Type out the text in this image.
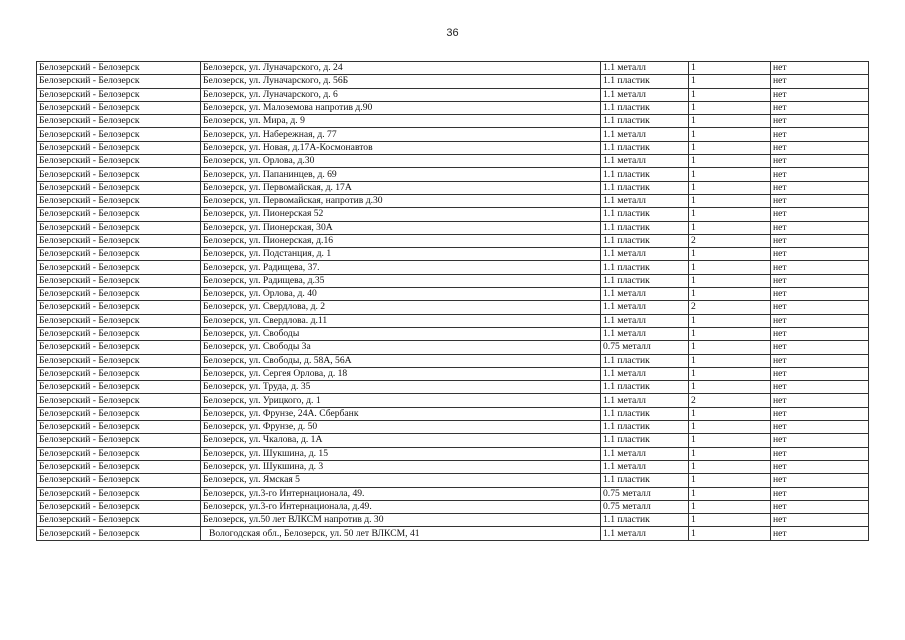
36
Белозерский - Белозерск	Белозерск, ул. Луначарского, д. 24	1.1 металл	1	нет
Белозерский - Белозерск	Белозерск, ул. Луначарского, д. 56Б	1.1 пластик	1	нет
Белозерский - Белозерск	Белозерск, ул. Луначарского, д. 6	1.1 металл	1	нет
Белозерский - Белозерск	Белозерск, ул. Малоземова напротив д.90	1.1 пластик	1	нет
Белозерский - Белозерск	Белозерск, ул. Мира, д. 9	1.1 пластик	1	нет
Белозерский - Белозерск	Белозерск, ул. Набережная, д. 77	1.1 металл	1	нет
Белозерский - Белозерск	Белозерск, ул. Новая, д.17А-Космонавтов	1.1 пластик	1	нет
Белозерский - Белозерск	Белозерск, ул. Орлова, д.30	1.1 металл	1	нет
Белозерский - Белозерск	Белозерск, ул. Папанинцев, д. 69	1.1 пластик	1	нет
Белозерский - Белозерск	Белозерск, ул. Первомайская, д. 17А	1.1 пластик	1	нет
Белозерский - Белозерск	Белозерск, ул. Первомайская, напротив д.30	1.1 металл	1	нет
Белозерский - Белозерск	Белозерск, ул. Пионерская 52	1.1 пластик	1	нет
Белозерский - Белозерск	Белозерск, ул. Пионерская, 30А	1.1 пластик	1	нет
Белозерский - Белозерск	Белозерск, ул. Пионерская, д.16	1.1 пластик	2	нет
Белозерский - Белозерск	Белозерск, ул. Подстанция, д. 1	1.1 металл	1	нет
Белозерский - Белозерск	Белозерск, ул. Радищева, 37.	1.1 пластик	1	нет
Белозерский - Белозерск	Белозерск, ул. Радищева, д.35	1.1 пластик	1	нет
Белозерский - Белозерск	Белозерск, ул. Орлова, д. 40	1.1 металл	1	нет
Белозерский - Белозерск	Белозерск, ул. Свердлова, д. 2	1.1 металл	2	нет
Белозерский - Белозерск	Белозерск, ул. Свердлова. д.11	1.1 металл	1	нет
Белозерский - Белозерск	Белозерск, ул. Свободы	1.1 металл	1	нет
Белозерский - Белозерск	Белозерск, ул. Свободы 3а	0.75 металл	1	нет
Белозерский - Белозерск	Белозерск, ул. Свободы, д. 58А, 56А	1.1 пластик	1	нет
Белозерский - Белозерск	Белозерск, ул. Сергея Орлова, д. 18	1.1 металл	1	нет
Белозерский - Белозерск	Белозерск, ул. Труда, д. 35	1.1 пластик	1	нет
Белозерский - Белозерск	Белозерск, ул. Урицкого, д. 1	1.1 металл	2	нет
Белозерский - Белозерск	Белозерск, ул. Фрунзе, 24А. Сбербанк	1.1 пластик	1	нет
Белозерский - Белозерск	Белозерск, ул. Фрунзе, д. 50	1.1 пластик	1	нет
Белозерский - Белозерск	Белозерск, ул. Чкалова, д. 1А	1.1 пластик	1	нет
Белозерский - Белозерск	Белозерск, ул. Шукшина, д. 15	1.1 металл	1	нет
Белозерский - Белозерск	Белозерск, ул. Шукшина, д. 3	1.1 металл	1	нет
Белозерский - Белозерск	Белозерск, ул. Ямская 5	1.1 пластик	1	нет
Белозерский - Белозерск	Белозерск, ул.3-го Интернационала, 49.	0.75 металл	1	нет
Белозерский - Белозерск	Белозерск, ул.3-го Интернационала, д.49.	0.75 металл	1	нет
Белозерский - Белозерск	Белозерск, ул.50 лет ВЛКСМ напротив д. 30	1.1 пластик	1	нет
Белозерский - Белозерск	Вологодская обл., Белозерск, ул. 50 лет ВЛКСМ, 41	1.1 металл	1	нет
